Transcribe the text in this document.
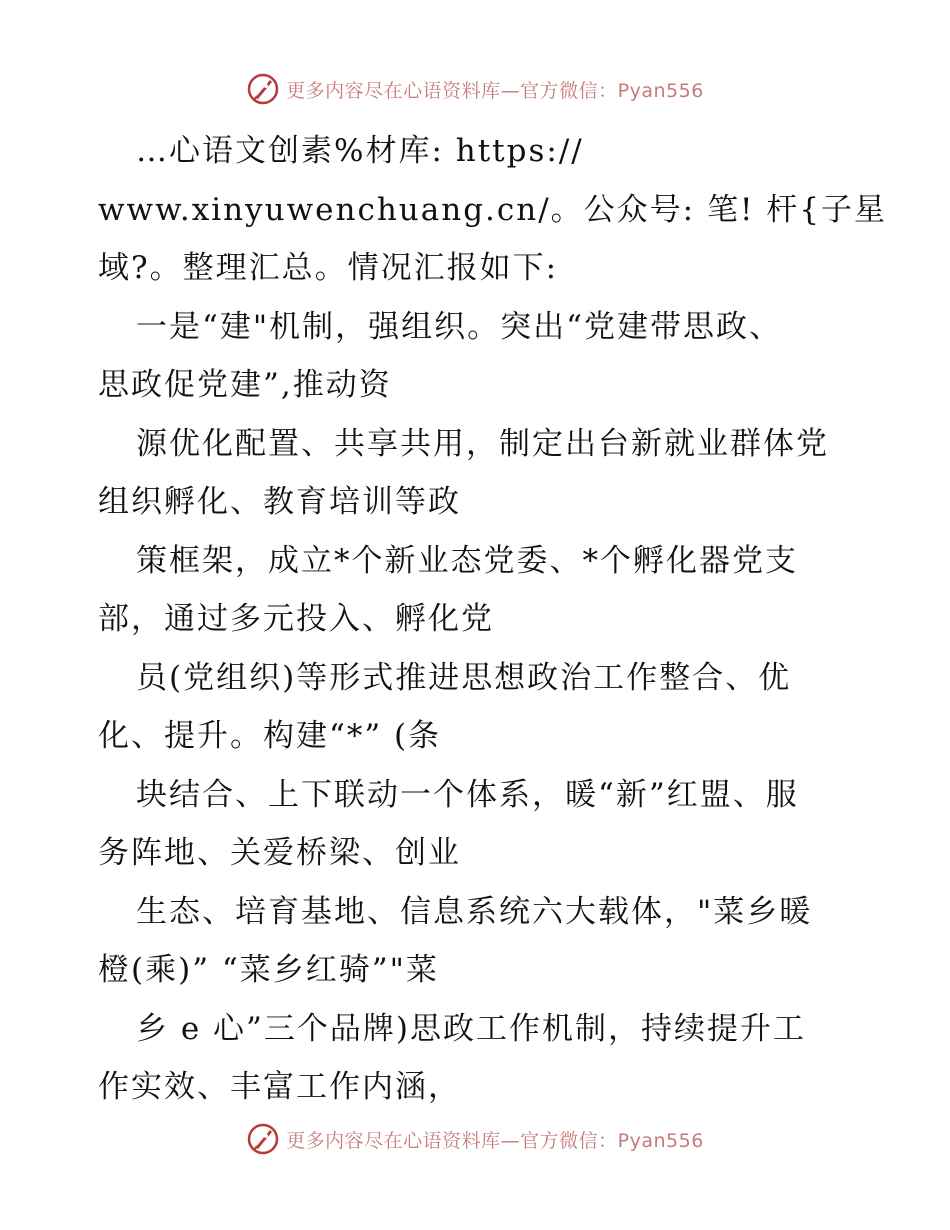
更多内容尽在心语资料库—官方微信：Pyan556
…心语文创素%材库: https://
www.xinyuwenchuang.cn/。公众号: 笔! 杆{子星
域?。整理汇总。情况汇报如下:
一是“建"机制，强组织。突出“党建带思政、
思政促党建”,推动资
源优化配置、共享共用，制定出台新就业群体党
组织孵化、教育培训等政
策框架，成立*个新业态党委、*个孵化器党支
部，通过多元投入、孵化党
员(党组织)等形式推进思想政治工作整合、优
化、提升。构建“*” (条
块结合、上下联动一个体系，暖“新”红盟、服
务阵地、关爱桥梁、创业
生态、培育基地、信息系统六大载体，"菜乡暖
橙(乘)” “菜乡红骑”"菜
乡 e 心”三个品牌)思政工作机制，持续提升工
作实效、丰富工作内涵，
更多内容尽在心语资料库—官方微信：Pyan556
